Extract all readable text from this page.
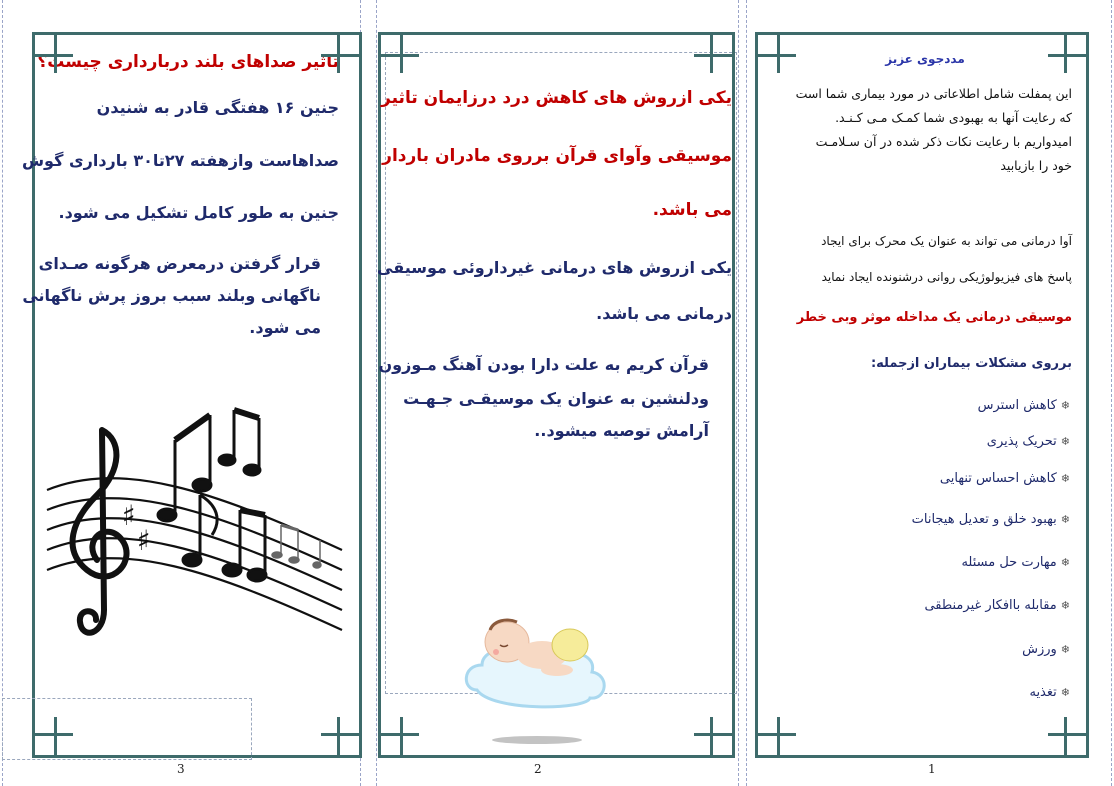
تاثیر صداهای بلند دربارداری چیست؟
جنین ۱۶ هفتگی قادر به شنیدن
صداهاست وازهفته ۲۷تا۳۰ بارداری گوش
جنین به طور کامل تشکیل می شود.
قرار گرفتن درمعرض هرگونه صـدای
ناگهانی وبلند سبب بروز پرش ناگهانی
می شود.
♯
♯
3
یکی ازروش های کاهش درد درزایمان تاثیر
موسیقی وآوای قرآن برروی مادران باردار
می باشد.
یکی ازروش های درمانی غیرداروئی موسیقی
درمانی می باشد.
قرآن کریم به علت دارا بودن آهنگ مـوزون
ودلنشین به عنوان یک موسیقـی جـهـت
آرامش توصیه میشود..
2
مددجوی عزیز
این پمفلت شامل اطلاعاتی در مورد بیماری شما است
که رعایت آنها به بهبودی شما کمـک مـی کـنـد.
امیدواریم با رعایت نکات ذکر شده در آن سـلامـت
خود را بازیابید
آوا درمانی می تواند به عنوان یک محرک برای ایجاد
پاسخ های فیزیولوژیکی روانی درشنونده ایجاد نماید
موسیقی درمانی یک مداخله موثر وبی خطر
برروی مشکلات بیماران ازجمله:
❄کاهش استرس
❄تحریک پذیری
❄کاهش احساس تنهایی
❄بهبود خلق و تعدیل هیجانات
❄مهارت حل مسئله
❄مقابله باافکار غیرمنطقی
❄ورزش
❄تغذیه
1
